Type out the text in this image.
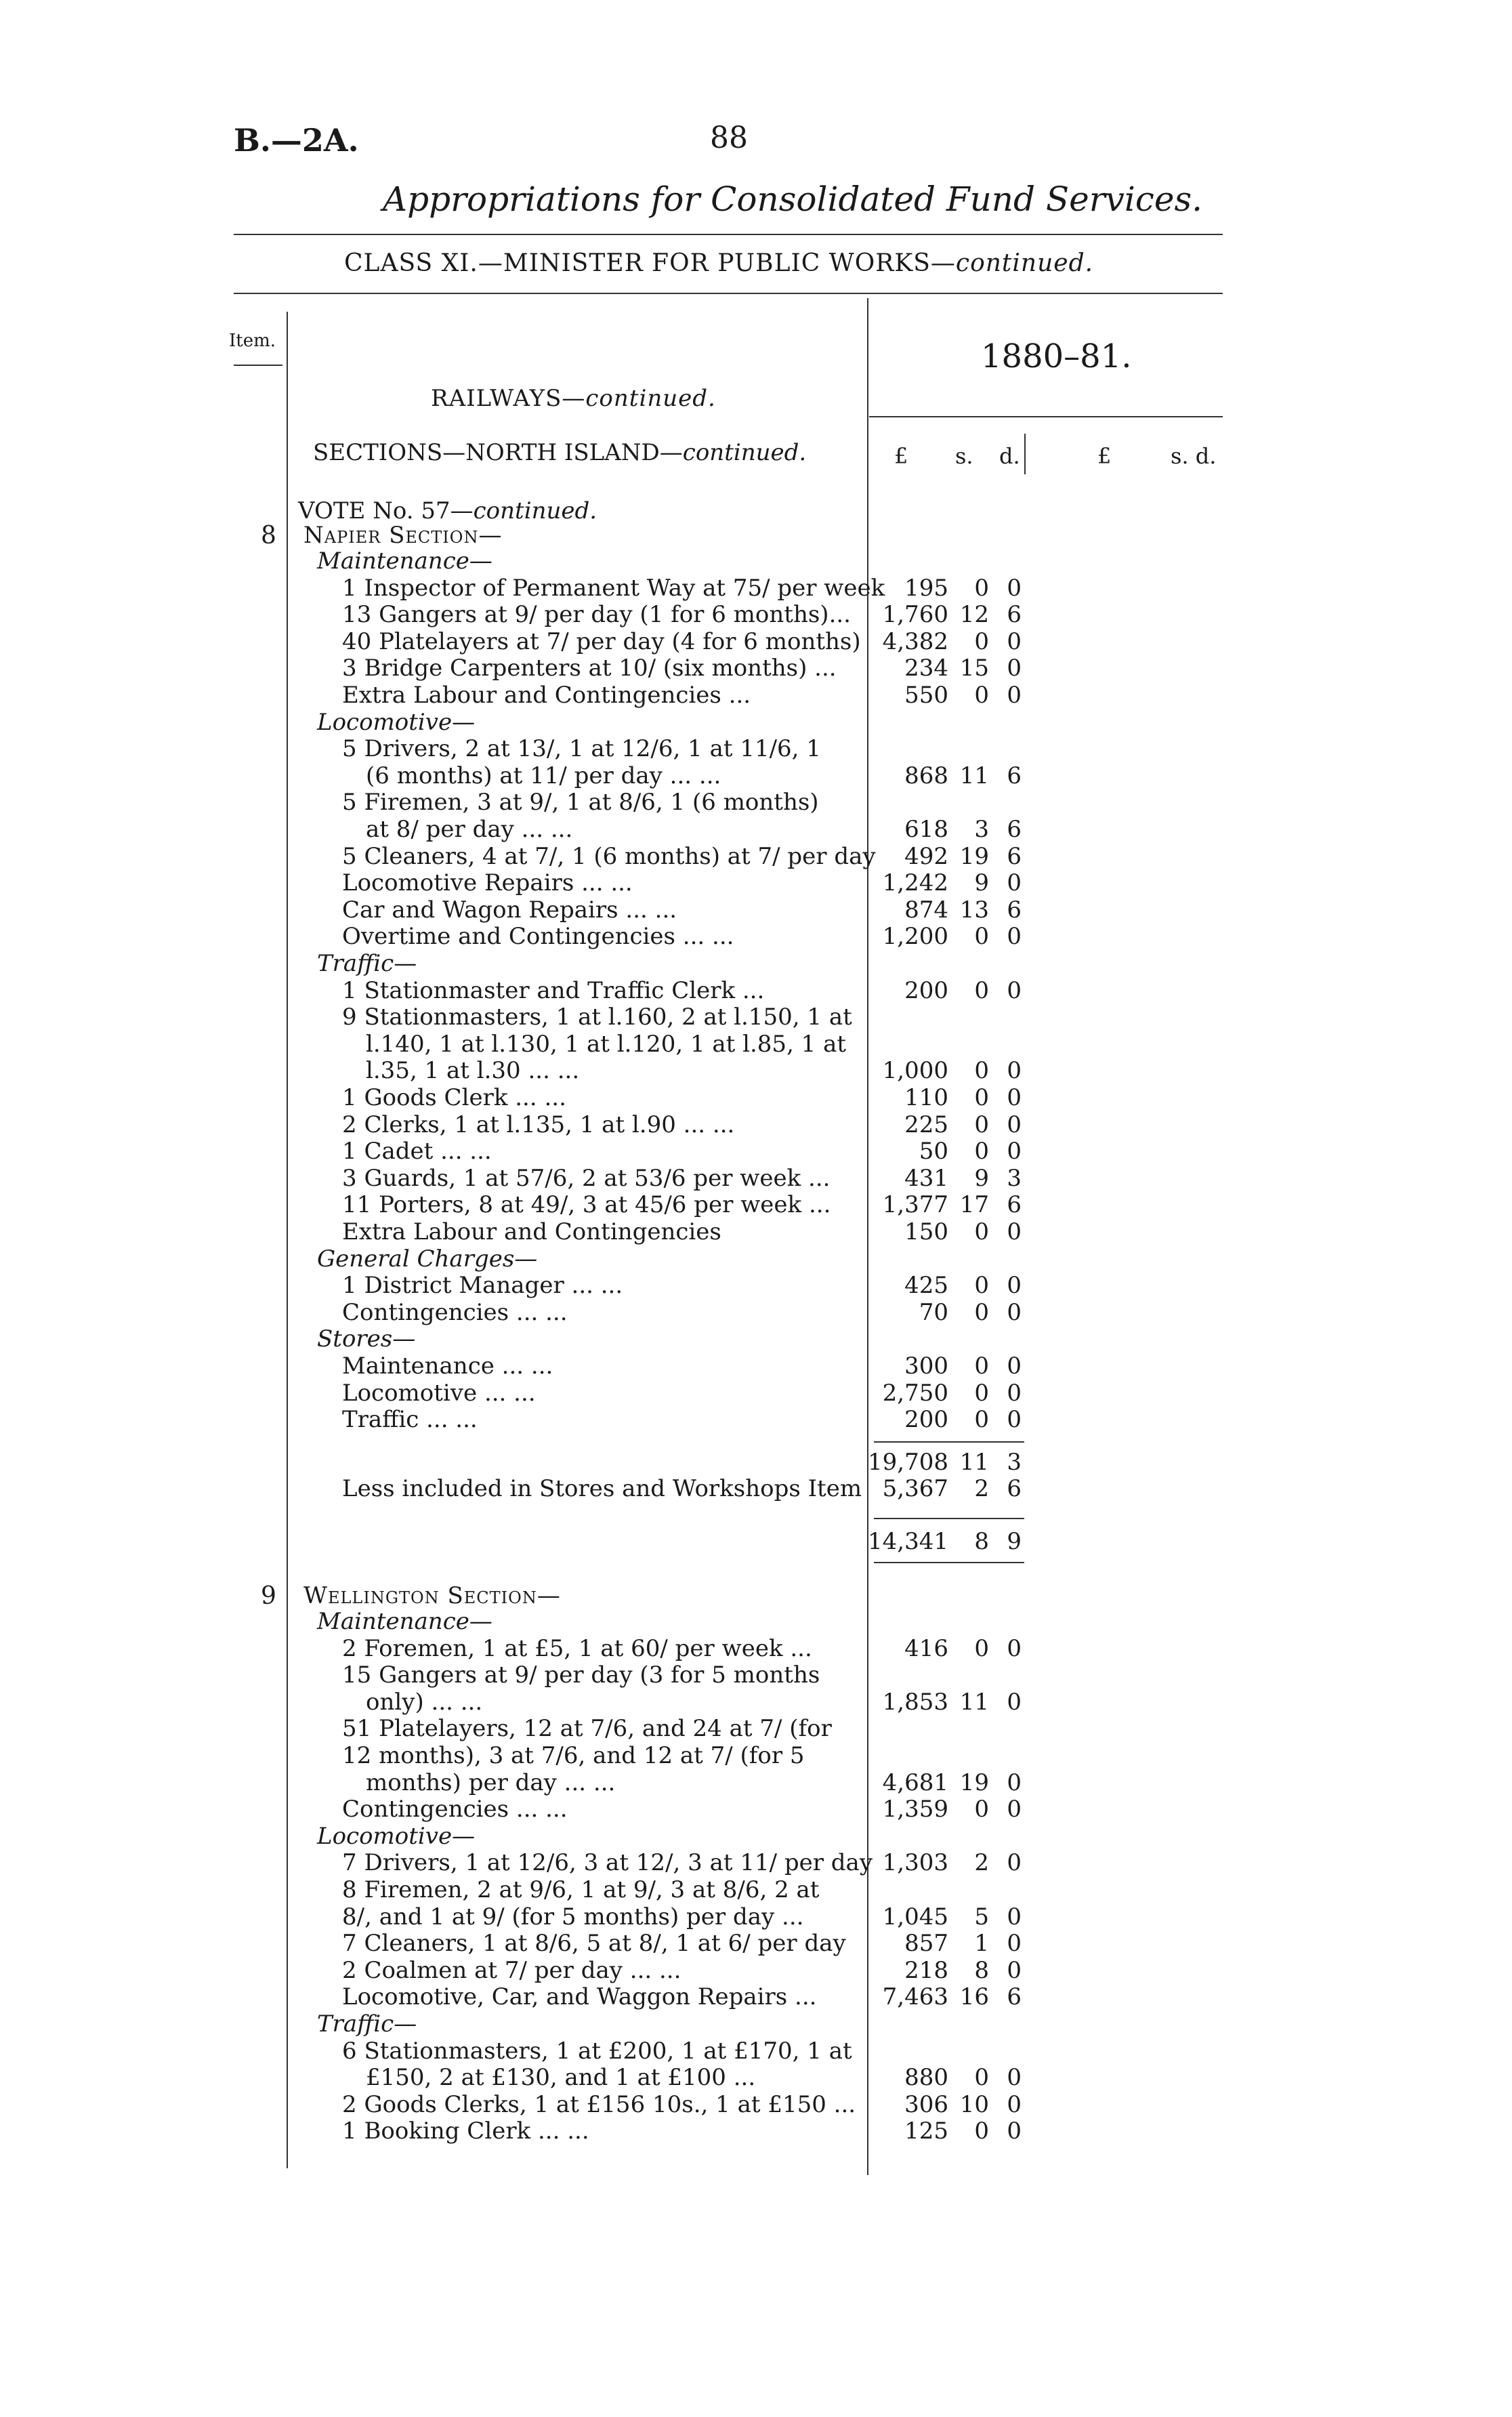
B.—2A.	88
Appropriations for Consolidated Fund Services.
CLASS XI.—MINISTER FOR PUBLIC WORKS—continued.
Item.	1880–81.
RAILWAYS—continued.
SECTIONS—NORTH ISLAND—continued.	£ s. d.	£	s. d.
VOTE No. 57—continued.
8 Napier Section—
Maintenance—
1 Inspector of Permanent Way at 75/ per week 195	0 0
13 Gangers at 9/ per day (1 for 6 months)...	1,760 12 6
40 Platelayers at 7/ per day (4 for 6 months) 4,382	0 0
3 Bridge Carpenters at 10/ (six months) ...	234 15 0
Extra Labour and Contingencies ...	550	0 0
Locomotive—
5 Drivers, 2 at 13/, 1 at 12/6, 1 at 11/6, 1
(6 months) at 11/ per day ... ...	868 11 6
5 Firemen, 3 at 9/, 1 at 8/6, 1 (6 months)
at 8/ per day ... ...	618	3 6
5 Cleaners, 4 at 7/, 1 (6 months) at 7/ per day	492 19 6
Locomotive Repairs ... ...	1,242	9 0
Car and Wagon Repairs ... ...	874 13 6
Overtime and Contingencies ... ...	1,200	0 0
Traffic—
1 Stationmaster and Traffic Clerk ...	200	0 0
9 Stationmasters, 1 at l.160, 2 at l.150, 1 at
l.140, 1 at l.130, 1 at l.120, 1 at l.85, 1 at
l.35, 1 at l.30 ... ...	1,000	0 0
1 Goods Clerk ... ...	110	0 0
2 Clerks, 1 at l.135, 1 at l.90 ... ...	225	0 0
1 Cadet ... ...	50	0 0
3 Guards, 1 at 57/6, 2 at 53/6 per week ...	431	9 3
11 Porters, 8 at 49/, 3 at 45/6 per week ...	1,377 17 6
Extra Labour and Contingencies	150	0 0
General Charges—
1 District Manager ... ...	425	0 0
Contingencies ... ...	70	0 0
Stores—
Maintenance ... ...	300	0 0
Locomotive ... ...	2,750	0 0
Traffic ... ...	200	0 0
19,708 11 3
Less included in Stores and Workshops Item 5,367	2 6
14,341	8 9
9 Wellington Section—
Maintenance—
2 Foremen, 1 at £5, 1 at 60/ per week ...	416	0 0
15 Gangers at 9/ per day (3 for 5 months
only) ... ...	1,853 11 0
51 Platelayers, 12 at 7/6, and 24 at 7/ (for
12 months), 3 at 7/6, and 12 at 7/ (for 5
months) per day ... ...	4,681 19 0
Contingencies ... ...	1,359	0 0
Locomotive—
7 Drivers, 1 at 12/6, 3 at 12/, 3 at 11/ per day 1,303	2 0
8 Firemen, 2 at 9/6, 1 at 9/, 3 at 8/6, 2 at
8/, and 1 at 9/ (for 5 months) per day ...	1,045	5 0
7 Cleaners, 1 at 8/6, 5 at 8/, 1 at 6/ per day	857	1 0
2 Coalmen at 7/ per day ... ...	218	8 0
Locomotive, Car, and Waggon Repairs ...	7,463 16 6
Traffic—
6 Stationmasters, 1 at £200, 1 at £170, 1 at
£150, 2 at £130, and 1 at £100 ...	880	0 0
2 Goods Clerks, 1 at £156 10s., 1 at £150 ...	306 10 0
1 Booking Clerk ... ...	125	0 0
